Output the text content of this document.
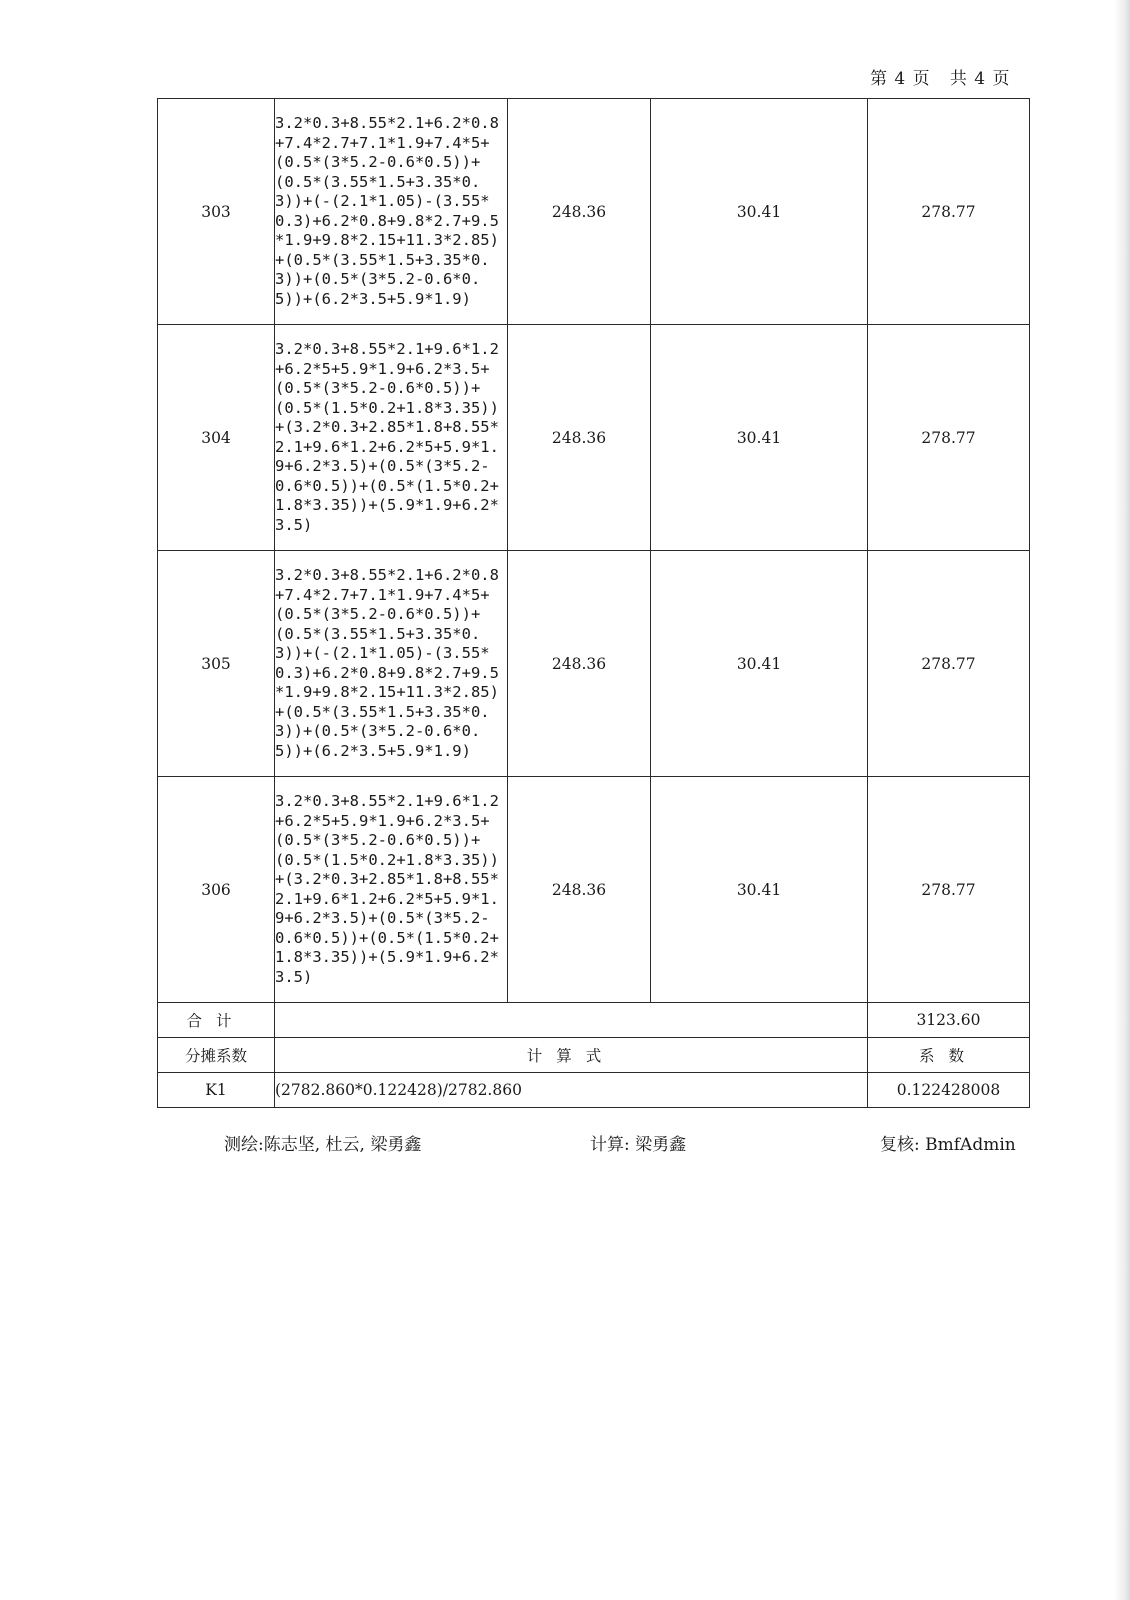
第 4 页   共 4 页
303	3.2*0.3+8.55*2.1+6.2*0.8+7.4*2.7+7.1*1.9+7.4*5+(0.5*(3*5.2-0.6*0.5))+(0.5*(3.55*1.5+3.35*0.3))+(-(2.1*1.05)-(3.55*0.3)+6.2*0.8+9.8*2.7+9.5*1.9+9.8*2.15+11.3*2.85)+(0.5*(3.55*1.5+3.35*0.3))+(0.5*(3*5.2-0.6*0.5))+(6.2*3.5+5.9*1.9)	248.36	30.41	278.77
304	3.2*0.3+8.55*2.1+9.6*1.2+6.2*5+5.9*1.9+6.2*3.5+(0.5*(3*5.2-0.6*0.5))+(0.5*(1.5*0.2+1.8*3.35))+(3.2*0.3+2.85*1.8+8.55*2.1+9.6*1.2+6.2*5+5.9*1.9+6.2*3.5)+(0.5*(3*5.2-0.6*0.5))+(0.5*(1.5*0.2+1.8*3.35))+(5.9*1.9+6.2*3.5)	248.36	30.41	278.77
305	3.2*0.3+8.55*2.1+6.2*0.8+7.4*2.7+7.1*1.9+7.4*5+(0.5*(3*5.2-0.6*0.5))+(0.5*(3.55*1.5+3.35*0.3))+(-(2.1*1.05)-(3.55*0.3)+6.2*0.8+9.8*2.7+9.5*1.9+9.8*2.15+11.3*2.85)+(0.5*(3.55*1.5+3.35*0.3))+(0.5*(3*5.2-0.6*0.5))+(6.2*3.5+5.9*1.9)	248.36	30.41	278.77
306	3.2*0.3+8.55*2.1+9.6*1.2+6.2*5+5.9*1.9+6.2*3.5+(0.5*(3*5.2-0.6*0.5))+(0.5*(1.5*0.2+1.8*3.35))+(3.2*0.3+2.85*1.8+8.55*2.1+9.6*1.2+6.2*5+5.9*1.9+6.2*3.5)+(0.5*(3*5.2-0.6*0.5))+(0.5*(1.5*0.2+1.8*3.35))+(5.9*1.9+6.2*3.5)	248.36	30.41	278.77
合计				3123.60
分摊系数	计算式			系数
K1	(2782.860*0.122428)/2782.860			0.122428008
测绘:陈志坚, 杜云, 梁勇鑫	计算: 梁勇鑫	复核: BmfAdmin
